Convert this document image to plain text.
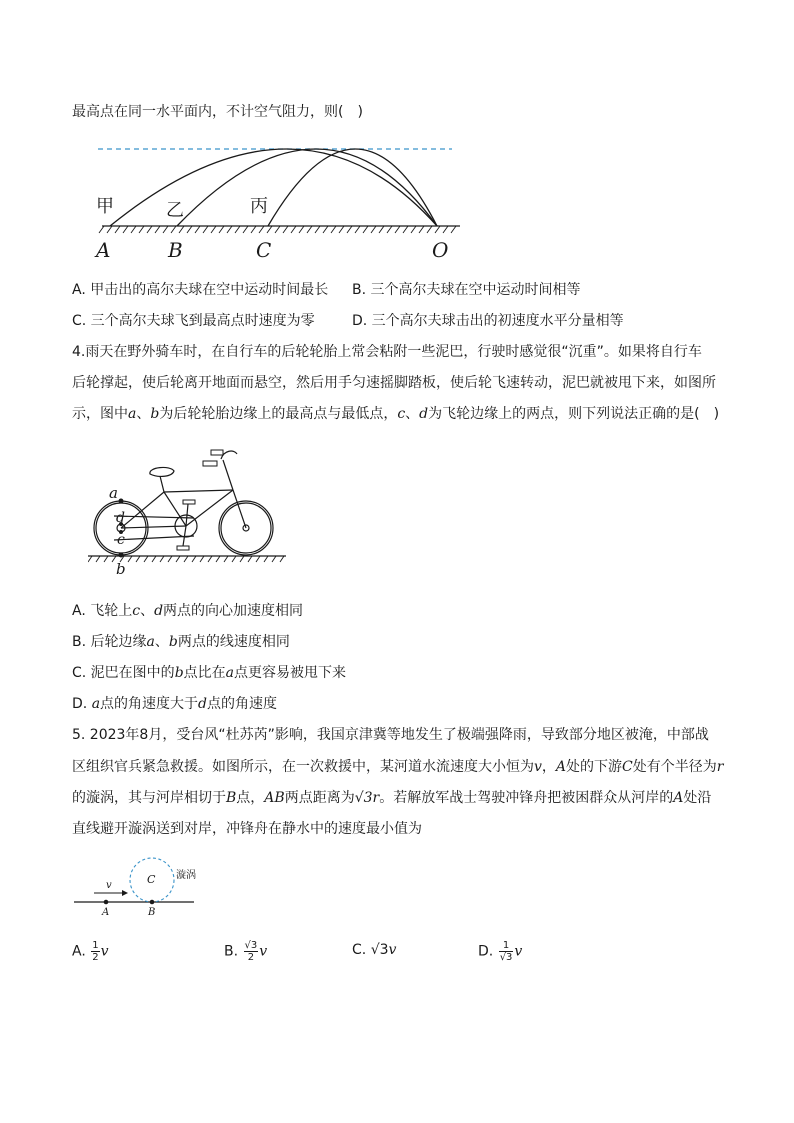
最高点在同一水平面内，不计空气阻力，则(　)
甲	乙	丙
A	B	C	O
A. 甲击出的高尔夫球在空中运动时间最长 B. 三个高尔夫球在空中运动时间相等
C. 三个高尔夫球飞到最高点时速度为零	D. 三个高尔夫球击出的初速度水平分量相等
4.雨天在野外骑车时，在自行车的后轮轮胎上常会粘附一些泥巴，行驶时感觉很“沉重”。如果将自行车
后轮撑起，使后轮离开地面而悬空，然后用手匀速摇脚踏板，使后轮飞速转动，泥巴就被甩下来，如图所
示，图中a、b为后轮轮胎边缘上的最高点与最低点，c、d为飞轮边缘上的两点，则下列说法正确的是(　)
a
d
c
b
A. 飞轮上c、d两点的向心加速度相同
B. 后轮边缘a、b两点的线速度相同
C. 泥巴在图中的b点比在a点更容易被甩下来
D. a点的角速度大于d点的角速度
5. 2023年8月，受台风“杜苏芮”影响，我国京津冀等地发生了极端强降雨，导致部分地区被淹，中部战
区组织官兵紧急救援。如图所示，在一次救援中，某河道水流速度大小恒为v，A处的下游C处有个半径为r
的漩涡，其与河岸相切于B点，AB两点距离为√3r。若解放军战士驾驶冲锋舟把被困群众从河岸的A处沿
直线避开漩涡送到对岸，冲锋舟在静水中的速度最小值为
v
A	B
C 漩涡
A. $\frac{1}{2}$ v	B. $\frac{√3}{2}$ v	C. √3v	D. $\frac{1}{√3}$ v
